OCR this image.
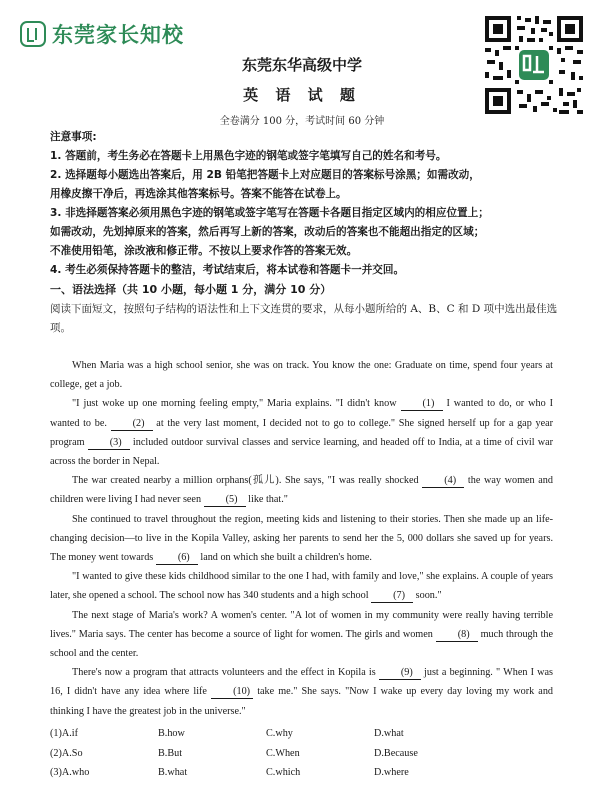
东莞家长知校
东莞东华高级中学
英 语 试 题
全卷满分 100 分，考试时间 60 分钟
注意事项:
1. 答题前，考生务必在答题卡上用黑色字迹的钢笔或签字笔填写自己的姓名和考号。
2. 选择题每小题选出答案后，用 2B 铅笔把答题卡上对应题目的答案标号涂黑；如需改动，
用橡皮擦干净后，再选涂其他答案标号。答案不能答在试卷上。
3. 非选择题答案必须用黑色字迹的钢笔或签字笔写在答题卡各题目指定区域内的相应位置上；
如需改动，先划掉原来的答案，然后再写上新的答案，改动后的答案也不能超出指定的区域；
不准使用铅笔，涂改液和修正带。不按以上要求作答的答案无效。
4. 考生必须保持答题卡的整洁，考试结束后，将本试卷和答题卡一并交回。
一、语法选择（共 10 小题，每小题 1 分，满分 10 分）
阅读下面短文，按照句子结构的语法性和上下文连贯的要求，从每小题所给的 A、B、C 和 D 项中选出最佳选
项。

When Maria was a high school senior, she was on track. You know the one: Graduate on time, spend four years at college, get a job.

"I just woke up one morning feeling empty," Maria explains. "I didn't know	(1) I wanted to do, or who I wanted to be.	(2) at the very last moment, I decided not to go to college." She signed herself up for a gap year program (3) included outdoor survival classes and service learning, and headed off to India, at a time of civil war across the border in Nepal.

The war created nearby a million orphans(孤儿). She says, "I was really shocked	(4) the way women and children were living I had never seen (5) like that."

She continued to travel throughout the region, meeting kids and listening to their stories. Then she made up an life-changing decision—to live in the Kopila Valley, asking her parents to send her the 5, 000 dollars she saved up for years. The money went towards (6) land on which she built a children's home.

"I wanted to give these kids childhood similar to the one I had, with family and love," she explains. A couple of years later, she opened a school. The school now has 340 students and a high school (7) soon."

The next stage of Maria's work? A women's center. "A lot of women in my community were really having terrible lives." Maria says. The center has become a source of light for women. The girls and women (8) much through the school and the center.

There's now a program that attracts volunteers and the effect in Kopila is (9) just a beginning. " When I was 16, I didn't have any idea where life	(10) take me." She says. "Now I wake up every day loving my work and thinking I have the greatest job in the universe."

(1)A.if	B.how	C.why	D.what
(2)A.So	B.But	C.When	D.Because
(3)A.who	B.what	C.which	D.where
